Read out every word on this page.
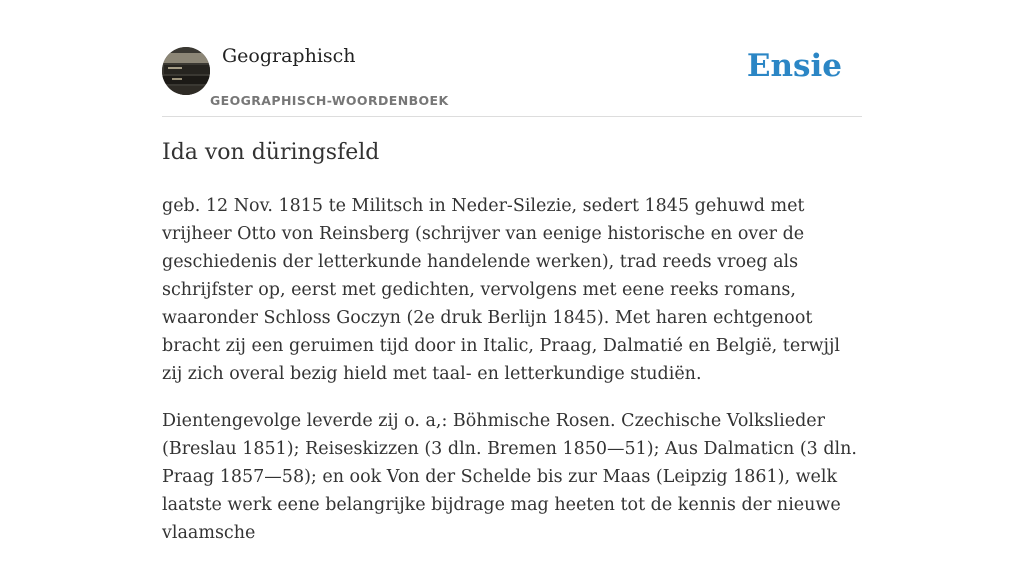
Geographisch
GEOGRAPHISCH-WOORDENBOEK
Ensie
Ida von düringsfeld

geb. 12 Nov. 1815 te Militsch in Neder-Silezie, sedert 1845 gehuwd met vrijheer Otto von Reinsberg (schrijver van eenige historische en over de geschiedenis der letterkunde handelende werken), trad reeds vroeg als schrijfster op, eerst met gedichten, vervolgens met eene reeks romans, waaronder Schloss Goczyn (2e druk Berlijn 1845). Met haren echtgenoot bracht zij een geruimen tijd door in Italic, Praag, Dalmatié en België, terwjjl zij zich overal bezig hield met taal- en letterkundige studiën.

Dientengevolge leverde zij o. a,: Böhmische Rosen. Czechische Volkslieder (Breslau 1851); Reiseskizzen (3 dln. Bremen 1850—51); Aus Dalmaticn (3 dln. Praag 1857—58); en ook Von der Schelde bis zur Maas (Leipzig 1861), welk laatste werk eene belangrijke bijdrage mag heeten tot de kennis der nieuwe vlaamsche
